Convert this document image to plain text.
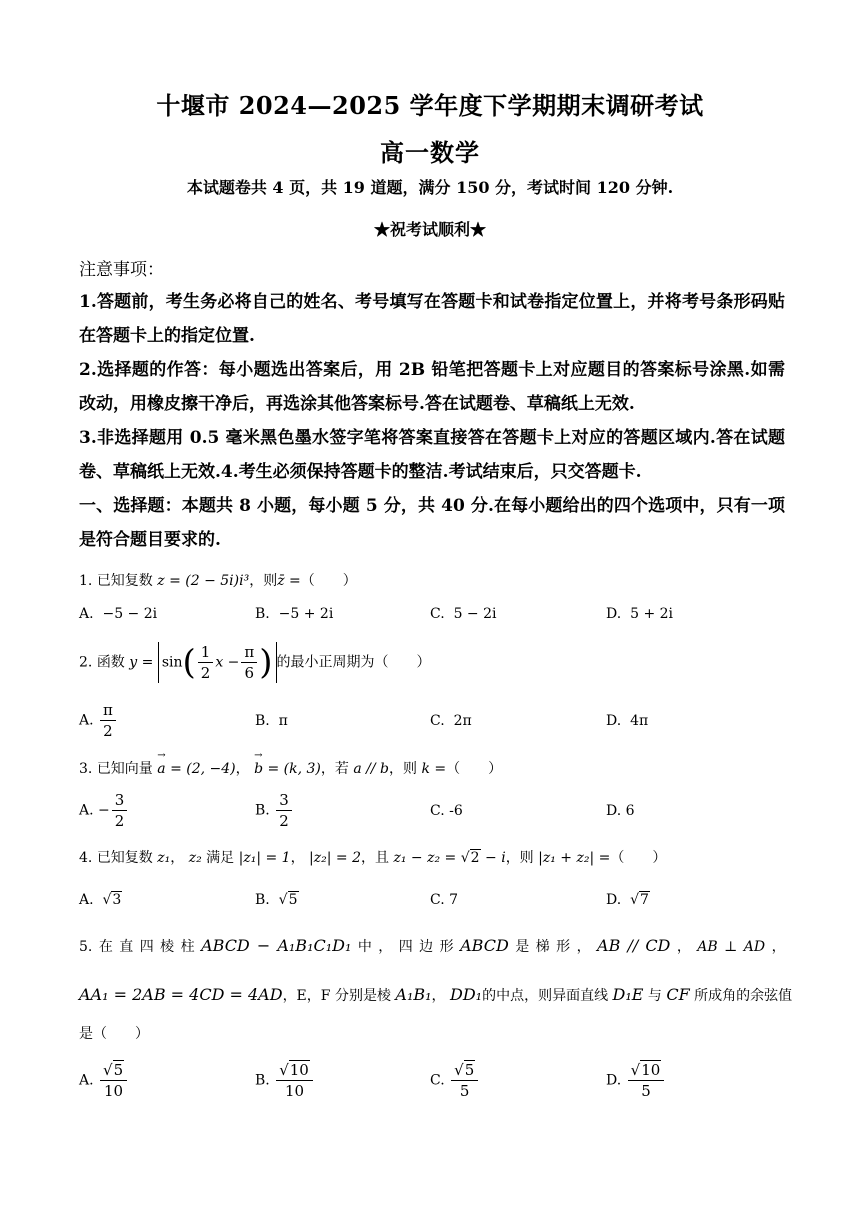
十堰市 2024—2025 学年度下学期期末调研考试
高一数学
本试题卷共 4 页，共 19 道题，满分 150 分，考试时间 120 分钟.
★祝考试顺利★
注意事项：
1.答题前，考生务必将自己的姓名、考号填写在答题卡和试卷指定位置上，并将考号条形码贴在答题卡上的指定位置.
2.选择题的作答：每小题选出答案后，用 2B 铅笔把答题卡上对应题目的答案标号涂黑.如需改动，用橡皮擦干净后，再选涂其他答案标号.答在试题卷、草稿纸上无效.
3.非选择题用 0.5 毫米黑色墨水签字笔将答案直接答在答题卡上对应的答题区域内.答在试题卷、草稿纸上无效.4.考生必须保持答题卡的整洁.考试结束后，只交答题卡.
一、选择题：本题共 8 小题，每小题 5 分，共 40 分.在每小题给出的四个选项中，只有一项是符合题目要求的.
1. 已知复数 z = (2 − 5i)i³，则z̄ =（　　）
A. −5 − 2i	B. −5 + 2i	C. 5 − 2i	D. 5 + 2i
2. 函数 $y = \sin( \frac{1}{2}$ $x - \frac{\pi}{6}$ ) 的最小正周期为（　　）
A. $\frac{\pi}{2}$	B. π	C. 2π	D. 4π
3. 已知向量 → a = (2, −4)， → b = (k, 3)，若 a // b，则 k =（　　）
A. − $\frac{3}{2}$	B. $\frac{3}{2}$	C. -6	D. 6
4. 已知复数 z₁， z₂ 满足 |z₁| = 1， |z₂| = 2，且 z₁ − z₂ = √2 − i，则 |z₁ + z₂| =（　　）
A. √3	B. √5	C. 7	D. √7
5. 在 直 四 棱 柱 ABCD − A₁B₁C₁D₁ 中 ， 四 边 形 ABCD 是 梯 形 ， AB // CD ， AB ⊥ AD ，
AA₁ = 2AB = 4CD = 4AD，E，F 分别是棱 A₁B₁， DD₁的中点，则异面直线 D₁E 与 CF 所成角的余弦值
是（　　）
A. $\frac{√5}{10}$	B. $\frac{√10}{10}$	C. $\frac{√5}{5}$	D. $\frac{√10}{5}$
